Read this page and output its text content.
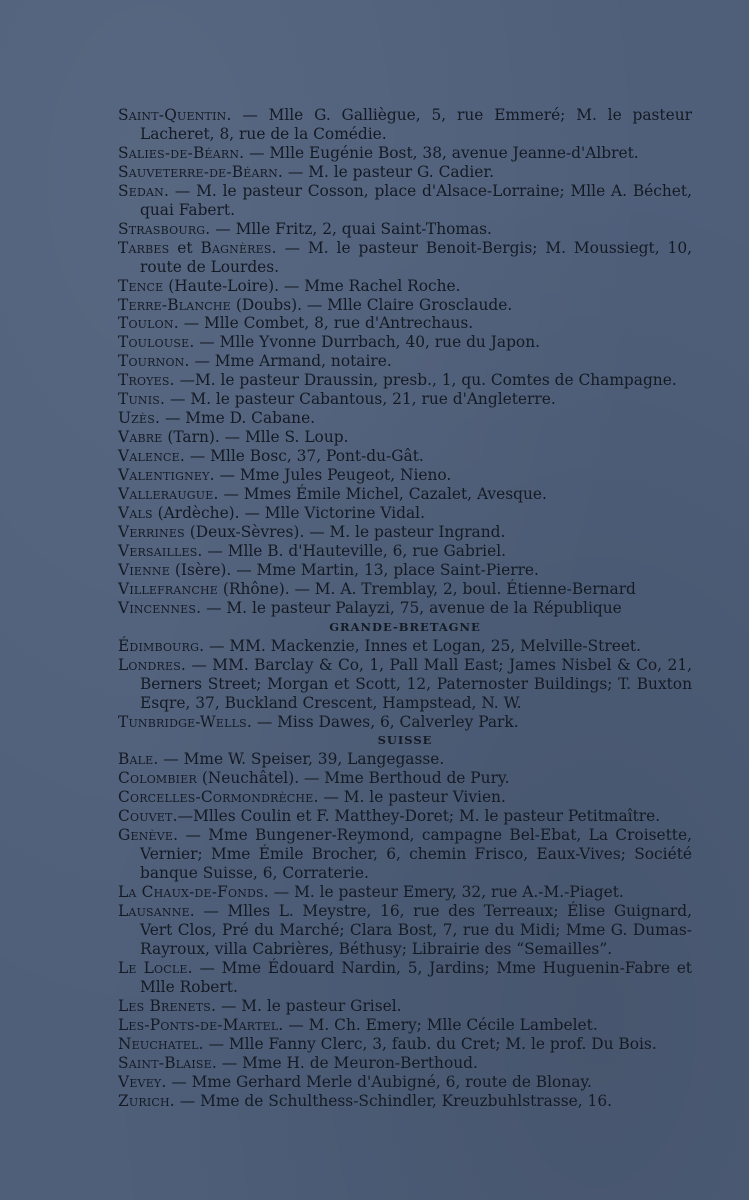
Saint-Quentin. — Mlle G. Galliègue, 5, rue Emmeré; M. le pasteur Lacheret, 8, rue de la Comédie.
Salies-de-Béarn. — Mlle Eugénie Bost, 38, avenue Jeanne-d'Albret.
Sauveterre-de-Béarn. — M. le pasteur G. Cadier.
Sedan. — M. le pasteur Cosson, place d'Alsace-Lorraine; Mlle A. Béchet, quai Fabert.
Strasbourg. — Mlle Fritz, 2, quai Saint-Thomas.
Tarbes et Bagnères. — M. le pasteur Benoit-Bergis; M. Moussiegt, 10, route de Lourdes.
Tence (Haute-Loire). — Mme Rachel Roche.
Terre-Blanche (Doubs). — Mlle Claire Grosclaude.
Toulon. — Mlle Combet, 8, rue d'Antrechaus.
Toulouse. — Mlle Yvonne Durrbach, 40, rue du Japon.
Tournon. — Mme Armand, notaire.
Troyes. —M. le pasteur Draussin, presb., 1, qu. Comtes de Champagne.
Tunis. — M. le pasteur Cabantous, 21, rue d'Angleterre.
Uzès. — Mme D. Cabane.
Vabre (Tarn). — Mlle S. Loup.
Valence. — Mlle Bosc, 37, Pont-du-Gât.
Valentigney. — Mme Jules Peugeot, Nieno.
Valleraugue. — Mmes Émile Michel, Cazalet, Avesque.
Vals (Ardèche). — Mlle Victorine Vidal.
Verrines (Deux-Sèvres). — M. le pasteur Ingrand.
Versailles. — Mlle B. d'Hauteville, 6, rue Gabriel.
Vienne (Isère). — Mme Martin, 13, place Saint-Pierre.
Villefranche (Rhône). — M. A. Tremblay, 2, boul. Étienne-Bernard
Vincennes. — M. le pasteur Palayzi, 75, avenue de la République
GRANDE-BRETAGNE
Édimbourg. — MM. Mackenzie, Innes et Logan, 25, Melville-Street.
Londres. — MM. Barclay & Co, 1, Pall Mall East; James Nisbel & Co, 21, Berners Street; Morgan et Scott, 12, Paternoster Buildings; T. Buxton Esqre, 37, Buckland Crescent, Hampstead, N. W.
Tunbridge-Wells. — Miss Dawes, 6, Calverley Park.
SUISSE
Bale. — Mme W. Speiser, 39, Langegasse.
Colombier (Neuchâtel). — Mme Berthoud de Pury.
Corcelles-Cormondrèche. — M. le pasteur Vivien.
Couvet.—Mlles Coulin et F. Matthey-Doret; M. le pasteur Petitmaître.
Genève. — Mme Bungener-Reymond, campagne Bel-Ebat, La Croisette, Vernier; Mme Émile Brocher, 6, chemin Frisco, Eaux-Vives; Société banque Suisse, 6, Corraterie.
La Chaux-de-Fonds. — M. le pasteur Emery, 32, rue A.-M.-Piaget.
Lausanne. — Mlles L. Meystre, 16, rue des Terreaux; Élise Guignard, Vert Clos, Pré du Marché; Clara Bost, 7, rue du Midi; Mme G. Dumas-Rayroux, villa Cabrières, Béthusy; Librairie des “Semailles”.
Le Locle. — Mme Édouard Nardin, 5, Jardins; Mme Huguenin-Fabre et Mlle Robert.
Les Brenets. — M. le pasteur Grisel.
Les-Ponts-de-Martel. — M. Ch. Emery; Mlle Cécile Lambelet.
Neuchatel. — Mlle Fanny Clerc, 3, faub. du Cret; M. le prof. Du Bois.
Saint-Blaise. — Mme H. de Meuron-Berthoud.
Vevey. — Mme Gerhard Merle d'Aubigné, 6, route de Blonay.
Zurich. — Mme de Schulthess-Schindler, Kreuzbuhlstrasse, 16.
